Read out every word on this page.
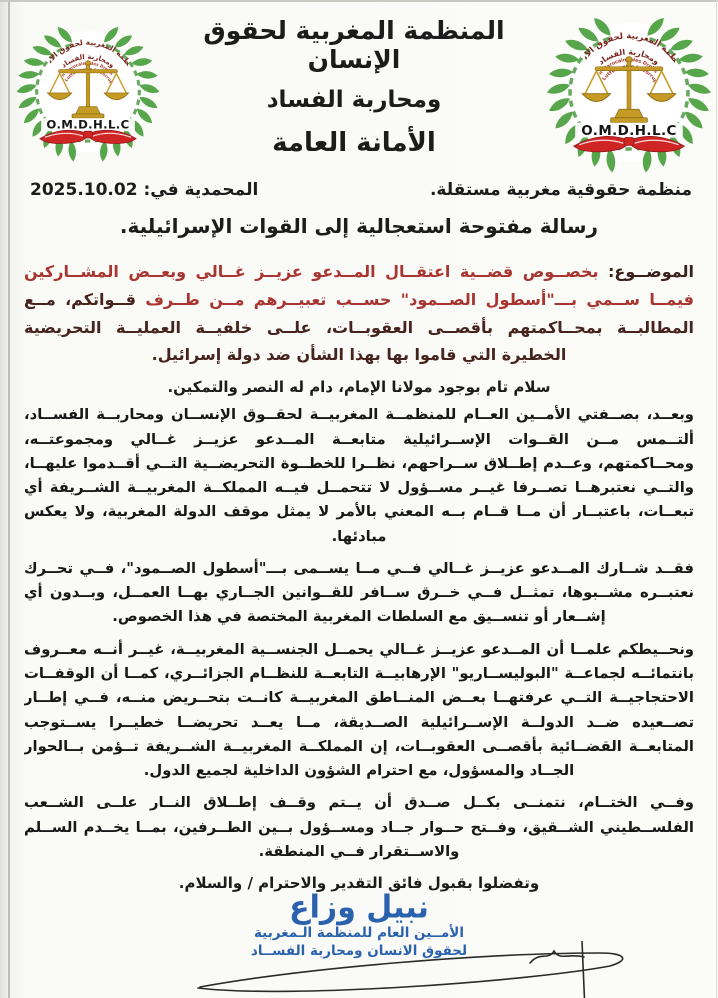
المنظمة المغربية لحقوق الإنسان
ومحاربة الفساد
الأمانة العامة
منظمة حقوقية مغربية مستقلة.
المحمدية في: 2025.10.02
رسالة مفتوحة استعجالية إلى القوات الإسرائيلية.

الموضــوع: بخصــوص قضــية اعتقــال المــدعو عزيــز غــالي وبعــض المشــاركين فيمــا ســمي بـــ"أسطول الصــمود" حســب تعبيــرهم مــن طــرف قــواتكم، مــع المطالبــة بمحــاكمتهم بأقصــى العقوبــات، علــى خلفيــة العمليــة التحريضية الخطيرة التي قاموا بها بهذا الشأن ضد دولة إسرائيل.

سلام تام بوجود مولانا الإمام، دام له النصر والتمكين.

وبعــد، بصــفتي الأمــين العــام للمنظمــة المغربيــة لحقــوق الإنســان ومحاربــة الفســاد، ألتــمس مــن القــوات الإســرائيلية متابعــة المــدعو عزيــز غــالي ومجموعتــه، ومحــاكمتهم، وعــدم إطــلاق ســراحهم، نظــرا للخطــوة التحريضــية التــي أقــدموا عليهــا، والتــي نعتبرهــا تصــرفا غيــر مســؤول لا تتحمــل فيــه المملكــة المغربيــة الشــريفة أي تبعــات، باعتبــار أن مــا قــام بــه المعني بالأمر لا يمثل موقف الدولة المغربية، ولا يعكس مبادئها.

فقــد شــارك المــدعو عزيــز غــالي فــي مــا يســمى بـــ"أسطول الصــمود"، فــي تحــرك نعتبــره مشــبوها، تمثــل فــي خــرق ســافر للقــوانين الجــاري بهــا العمــل، وبــدون أي إشــعار أو تنســيق مع السلطات المغربية المختصة في هذا الخصوص.

ونحــيطكم علمــا أن المــدعو عزيــز غــالي يحمــل الجنســية المغربيــة، غيــر أنــه معــروف بانتمائــه لجماعــة "البوليســاريو" الإرهابيــة التابعــة للنظــام الجزائــري، كمــا أن الوقفــات الاحتجاجيــة التــي عرفتهــا بعــض المنــاطق المغربيــة كانــت بتحــريض منــه، فــي إطــار تصــعيده ضــد الدولــة الإســرائيلية الصــديقة، مــا يعــد تحريضــا خطيــرا يســتوجب المتابعــة القضــائية بأقصــى العقوبــات، إن المملكــة المغربيــة الشــريفة تــؤمن بــالحوار الجــاد والمسؤول، مع احترام الشؤون الداخلية لجميع الدول.

وفــي الختــام، نتمنــى بكــل صــدق أن يــتم وقــف إطــلاق النــار علــى الشــعب الفلســطيني الشــقيق، وفــتح حــوار جــاد ومســؤول بــين الطــرفين، بمــا يخــدم الســلم والاســتقرار فــي المنطقة.

وتفضلوا بقبول فائق التقدير والاحترام / والسلام.

نبيل وزاع
الأمــين العام للمنظمة الـمغربية
لحقوق الانسان ومحاربة الفســاد
